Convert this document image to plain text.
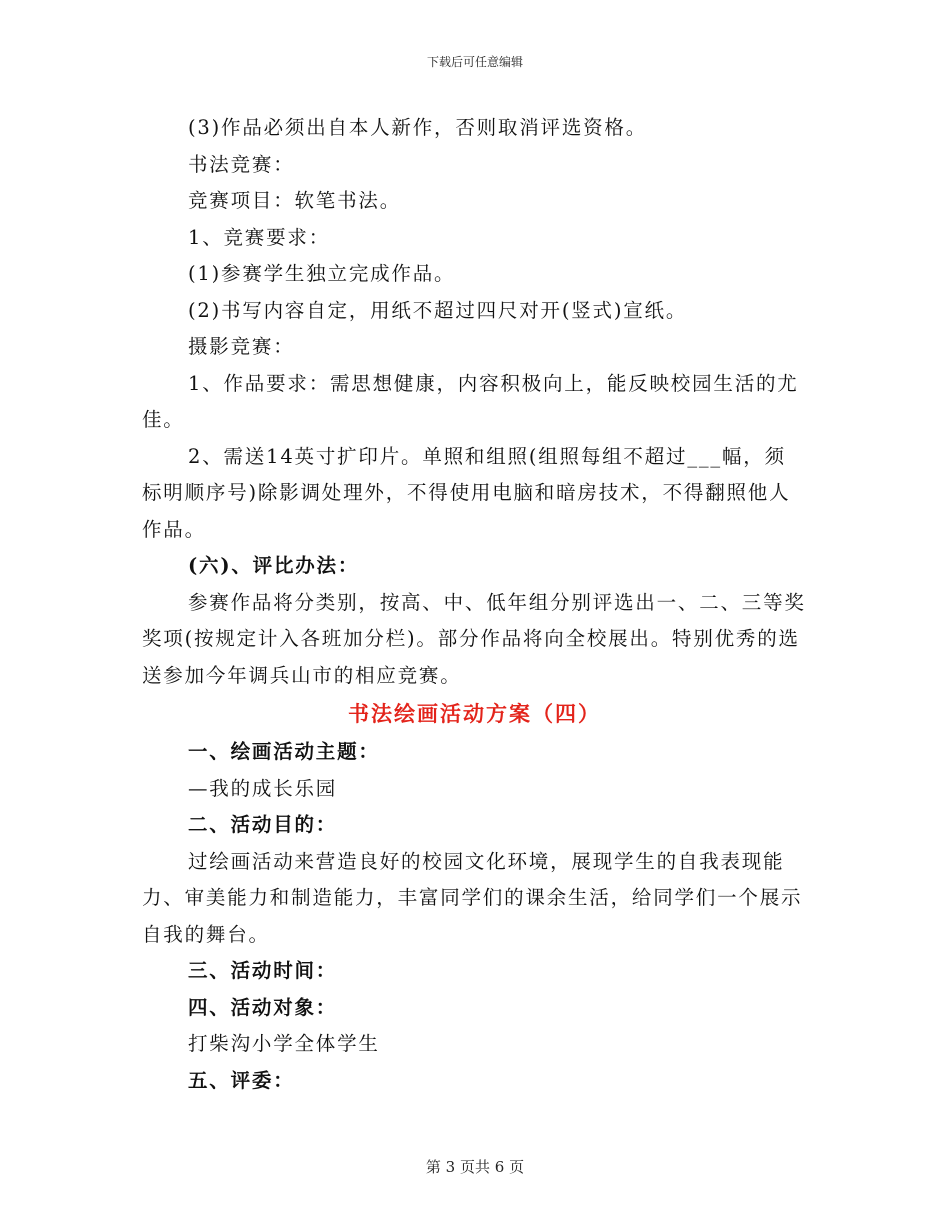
下载后可任意编辑

(3)作品必须出自本人新作，否则取消评选资格。

书法竞赛：

竞赛项目：软笔书法。

1、竞赛要求：

(1)参赛学生独立完成作品。

(2)书写内容自定，用纸不超过四尺对开(竖式)宣纸。

摄影竞赛：

1、作品要求：需思想健康，内容积极向上，能反映校园生活的尤佳。

2、需送14英寸扩印片。单照和组照(组照每组不超过___幅，须标明顺序号)除影调处理外，不得使用电脑和暗房技术，不得翻照他人作品。

(六)、评比办法：

参赛作品将分类别，按高、中、低年组分别评选出一、二、三等奖奖项(按规定计入各班加分栏)。部分作品将向全校展出。特别优秀的选送参加今年调兵山市的相应竞赛。

书法绘画活动方案（四）

一、绘画活动主题：

—我的成长乐园

二、活动目的：

过绘画活动来营造良好的校园文化环境，展现学生的自我表现能力、审美能力和制造能力，丰富同学们的课余生活，给同学们一个展示自我的舞台。

三、活动时间：

四、活动对象：

打柴沟小学全体学生

五、评委：

第 3 页共 6 页
